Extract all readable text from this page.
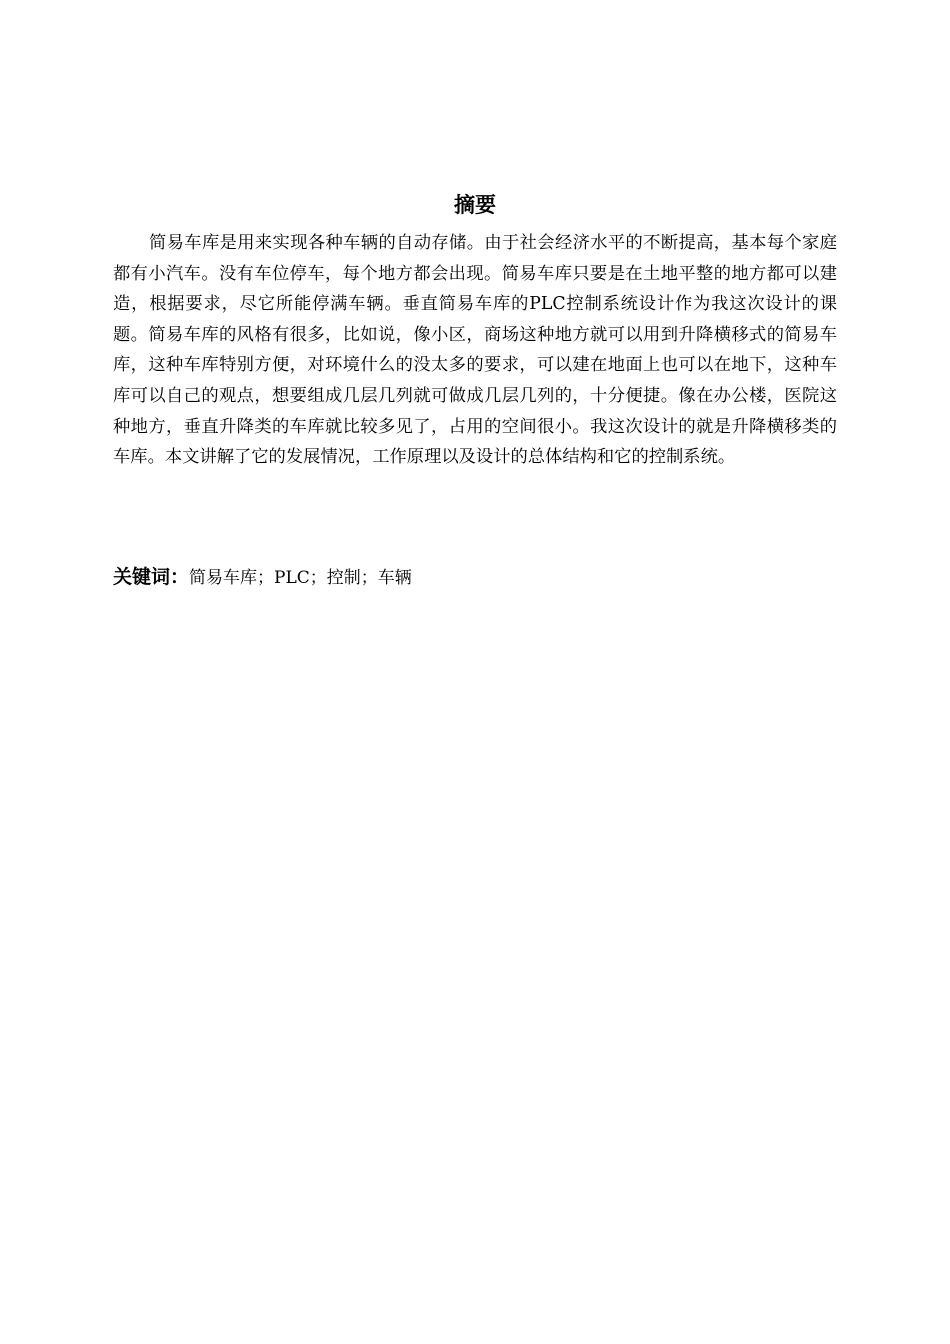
摘要

简易车库是用来实现各种车辆的自动存储。由于社会经济水平的不断提高，基本每个家庭都有小汽车。没有车位停车，每个地方都会出现。简易车库只要是在土地平整的地方都可以建造，根据要求，尽它所能停满车辆。垂直简易车库的PLC控制系统设计作为我这次设计的课题。简易车库的风格有很多，比如说，像小区，商场这种地方就可以用到升降横移式的简易车库，这种车库特别方便，对环境什么的没太多的要求，可以建在地面上也可以在地下，这种车库可以自己的观点，想要组成几层几列就可做成几层几列的，十分便捷。像在办公楼，医院这种地方，垂直升降类的车库就比较多见了，占用的空间很小。我这次设计的就是升降横移类的车库。本文讲解了它的发展情况，工作原理以及设计的总体结构和它的控制系统。

关键词：简易车库；PLC；控制；车辆
